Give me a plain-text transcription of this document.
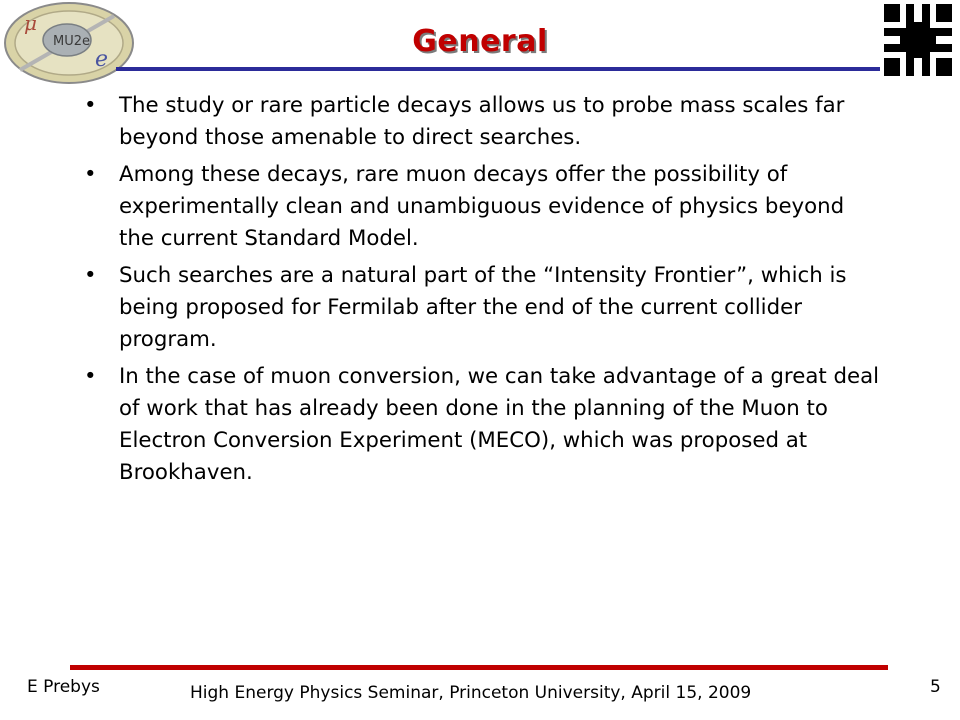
μ
MU2e
e
General
• The study or rare particle decays allows us to probe mass scales far beyond those amenable to direct searches.
• Among these decays, rare muon decays offer the possibility of experimentally clean and unambiguous evidence of physics beyond the current Standard Model.
• Such searches are a natural part of the “Intensity Frontier”, which is being proposed for Fermilab after the end of the current collider program.
• In the case of muon conversion, we can take advantage of a great deal of work that has already been done in the planning of the Muon to Electron Conversion Experiment (MECO), which was proposed at Brookhaven.
E Prebys	High Energy Physics Seminar, Princeton University, April 15, 2009	5
